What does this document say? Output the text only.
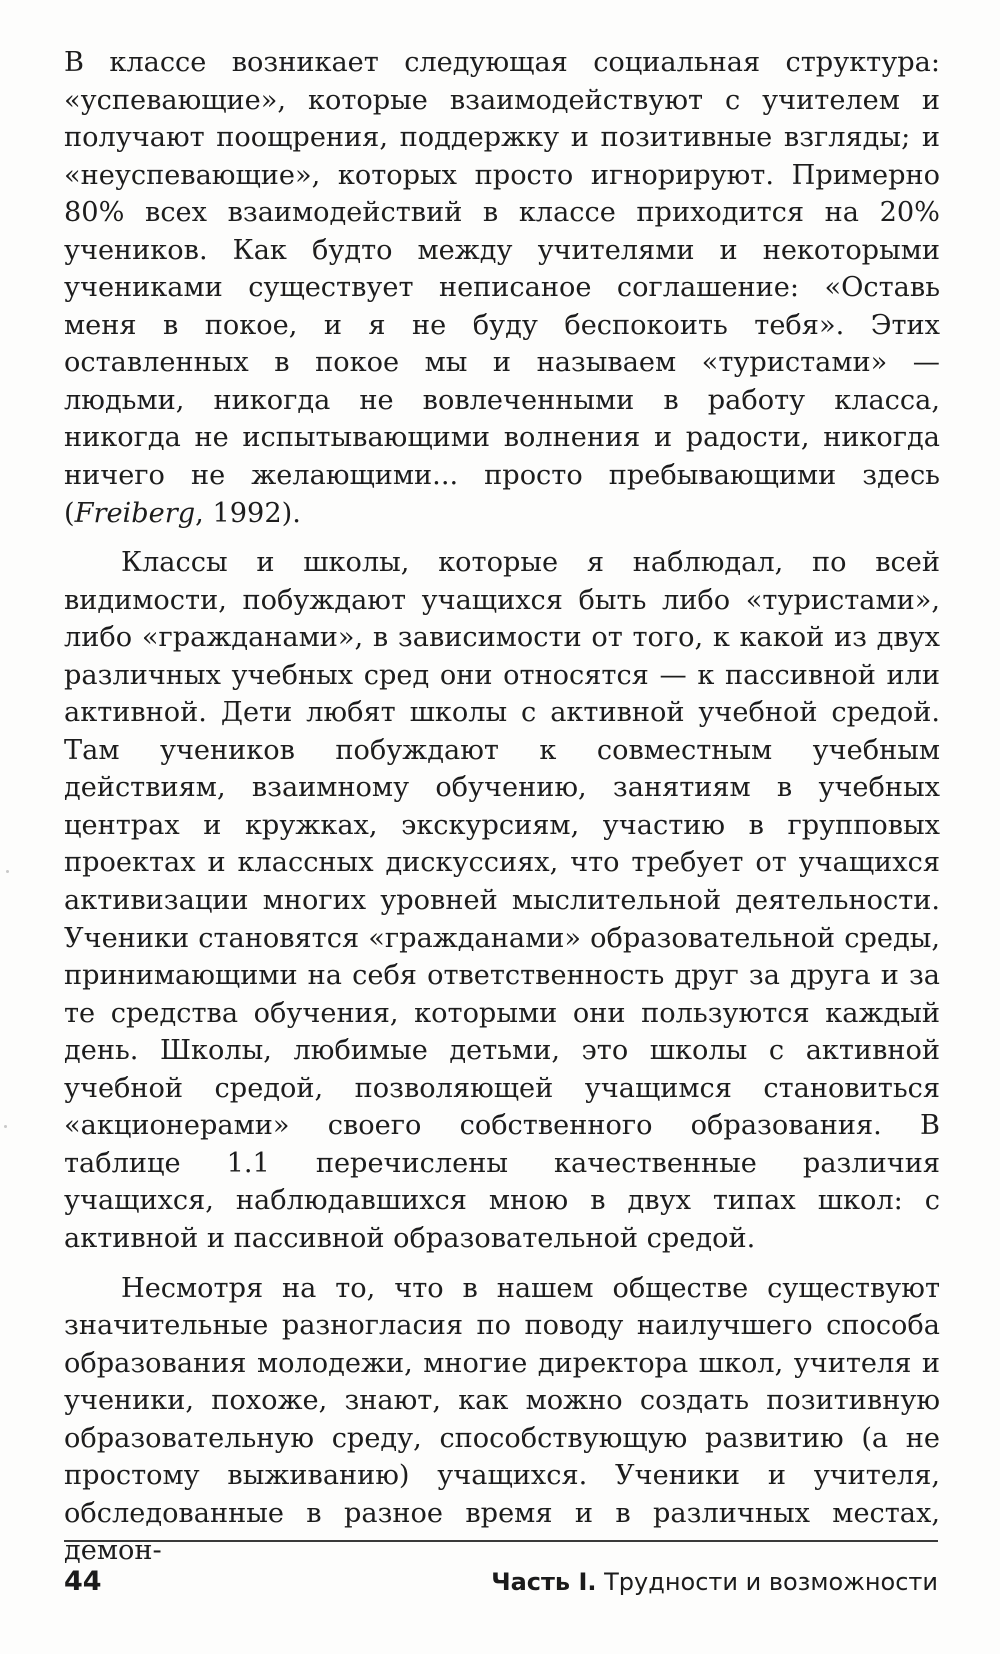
В классе возникает следующая социальная структура: «успевающие», которые взаимодействуют с учителем и получают поощрения, поддержку и позитивные взгляды; и «неуспевающие», которых просто игнорируют. Примерно 80% всех взаимодействий в классе приходится на 20% учеников. Как будто между учителями и некоторыми учениками существует неписаное соглашение: «Оставь меня в покое, и я не буду беспокоить тебя». Этих оставленных в покое мы и называем «туристами» — людьми, никогда не вовлеченными в работу класса, никогда не испытывающими волнения и радости, никогда ничего не желающими... просто пребывающими здесь (Freiberg, 1992).

Классы и школы, которые я наблюдал, по всей видимости, побуждают учащихся быть либо «туристами», либо «гражданами», в зависимости от того, к какой из двух различных учебных сред они относятся — к пассивной или активной. Дети любят школы с активной учебной средой. Там учеников побуждают к совместным учебным действиям, взаимному обучению, занятиям в учебных центрах и кружках, экскурсиям, участию в групповых проектах и классных дискуссиях, что требует от учащихся активизации многих уровней мыслительной деятельности. Ученики становятся «гражданами» образовательной среды, принимающими на себя ответственность друг за друга и за те средства обучения, которыми они пользуются каждый день. Школы, любимые детьми, это школы с активной учебной средой, позволяющей учащимся становиться «акционерами» своего собственного образования. В таблице 1.1 перечислены качественные различия учащихся, наблюдавшихся мною в двух типах школ: с активной и пассивной образовательной средой.

Несмотря на то, что в нашем обществе существуют значительные разногласия по поводу наилучшего способа образования молодежи, многие директора школ, учителя и ученики, похоже, знают, как можно создать позитивную образовательную среду, способствующую развитию (а не простому выживанию) учащихся. Ученики и учителя, обследованные в разное время и в различных местах, демон-

44	Часть I. Трудности и возможности
